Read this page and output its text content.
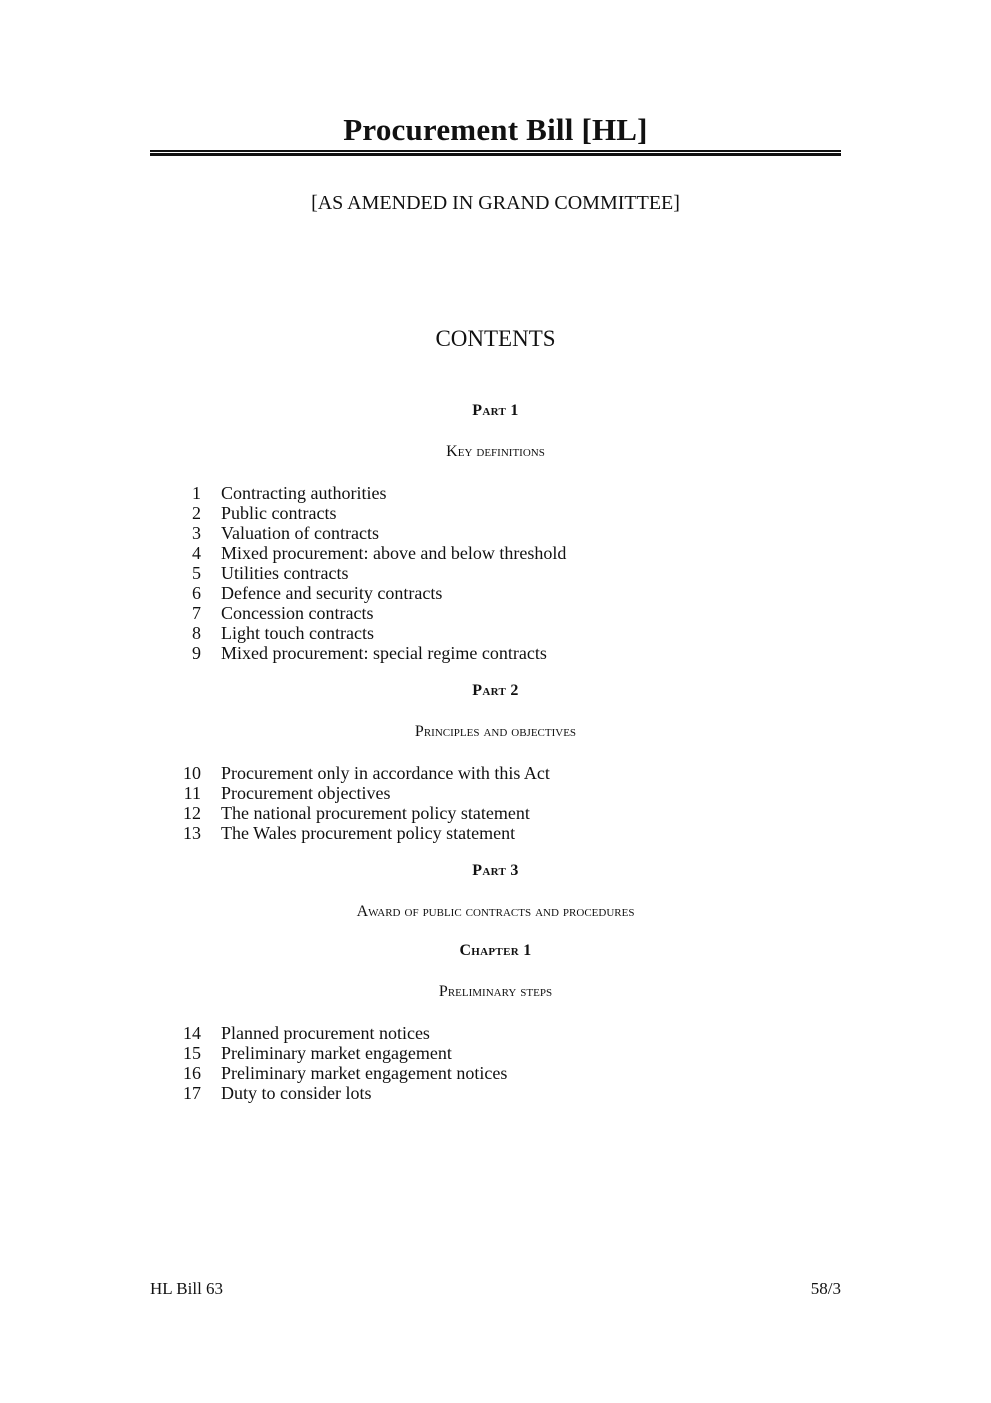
Procurement Bill [HL]
[AS AMENDED IN GRAND COMMITTEE]
CONTENTS
Part 1
Key definitions
1	Contracting authorities
2	Public contracts
3	Valuation of contracts
4	Mixed procurement: above and below threshold
5	Utilities contracts
6	Defence and security contracts
7	Concession contracts
8	Light touch contracts
9	Mixed procurement: special regime contracts
Part 2
Principles and objectives
10	Procurement only in accordance with this Act
11	Procurement objectives
12	The national procurement policy statement
13	The Wales procurement policy statement
Part 3
Award of public contracts and procedures
Chapter 1
Preliminary steps
14	Planned procurement notices
15	Preliminary market engagement
16	Preliminary market engagement notices
17	Duty to consider lots
HL Bill 63	58/3
